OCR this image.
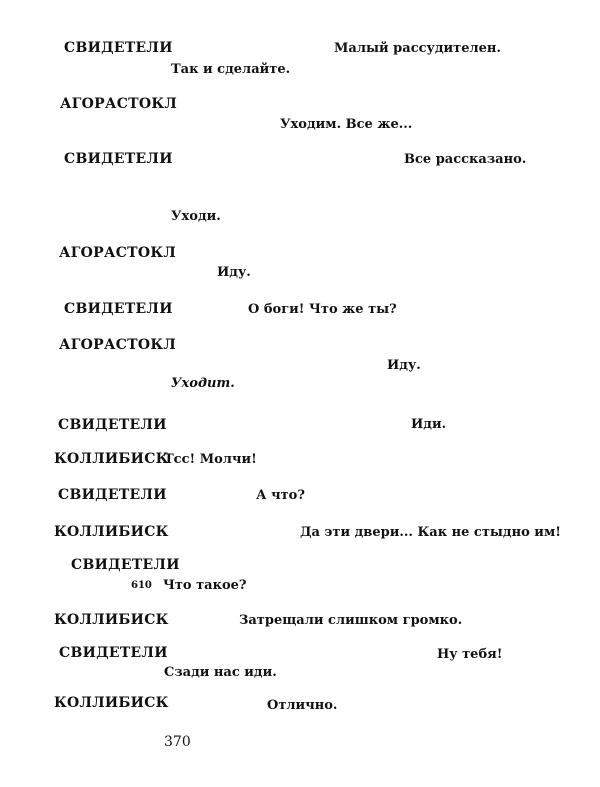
СВИДЕТЕЛИ	Малый рассудителен.
Так и сделайте.
АГОРАСТОКЛ
Уходим. Все же...
СВИДЕТЕЛИ	Все рассказано.
Уходи.
АГОРАСТОКЛ
Иду.
СВИДЕТЕЛИ	О боги! Что же ты?
АГОРАСТОКЛ
Иду.
Уходит.
СВИДЕТЕЛИ	Иди.
КОЛЛИБИСК
Тсс! Молчи!
СВИДЕТЕЛИ	А что?
КОЛЛИБИСК	Да эти двери... Как не стыдно им!
СВИДЕТЕЛИ
610 Что такое?
КОЛЛИБИСК	Затрещали слишком громко.
СВИДЕТЕЛИ	Ну тебя!
Сзади нас иди.
КОЛЛИБИСК	Отлично.
370
